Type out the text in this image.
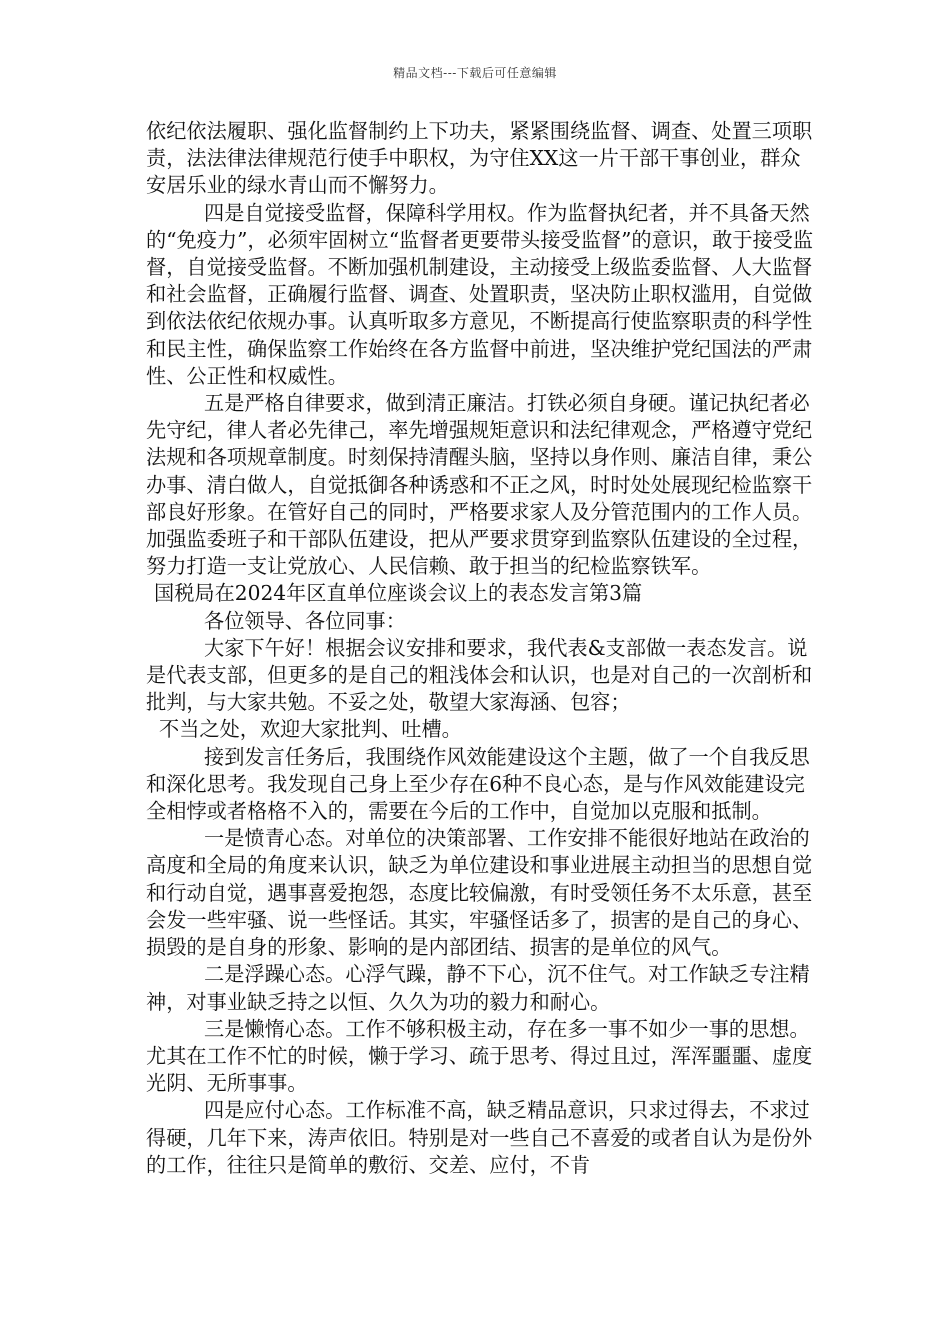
精品文档---下载后可任意编辑

依纪依法履职、强化监督制约上下功夫，紧紧围绕监督、调查、处置三项职责，法法律法律规范行使手中职权，为守住XX这一片干部干事创业，群众安居乐业的绿水青山而不懈努力。

四是自觉接受监督，保障科学用权。作为监督执纪者，并不具备天然的“免疫力”，必须牢固树立“监督者更要带头接受监督”的意识，敢于接受监督，自觉接受监督。不断加强机制建设，主动接受上级监委监督、人大监督和社会监督，正确履行监督、调查、处置职责，坚决防止职权滥用，自觉做到依法依纪依规办事。认真听取多方意见，不断提高行使监察职责的科学性和民主性，确保监察工作始终在各方监督中前进，坚决维护党纪国法的严肃性、公正性和权威性。

五是严格自律要求，做到清正廉洁。打铁必须自身硬。谨记执纪者必先守纪，律人者必先律己，率先增强规矩意识和法纪律观念，严格遵守党纪法规和各项规章制度。时刻保持清醒头脑，坚持以身作则、廉洁自律，秉公办事、清白做人，自觉抵御各种诱惑和不正之风，时时处处展现纪检监察干部良好形象。在管好自己的同时，严格要求家人及分管范围内的工作人员。加强监委班子和干部队伍建设，把从严要求贯穿到监察队伍建设的全过程，努力打造一支让党放心、人民信赖、敢于担当的纪检监察铁军。

国税局在2024年区直单位座谈会议上的表态发言第3篇

各位领导、各位同事：

大家下午好！根据会议安排和要求，我代表&支部做一表态发言。说是代表支部，但更多的是自己的粗浅体会和认识，也是对自己的一次剖析和批判，与大家共勉。不妥之处，敬望大家海涵、包容；

不当之处，欢迎大家批判、吐槽。

接到发言任务后，我围绕作风效能建设这个主题，做了一个自我反思和深化思考。我发现自己身上至少存在6种不良心态，是与作风效能建设完全相悖或者格格不入的，需要在今后的工作中，自觉加以克服和抵制。

一是愤青心态。对单位的决策部署、工作安排不能很好地站在政治的高度和全局的角度来认识，缺乏为单位建设和事业进展主动担当的思想自觉和行动自觉，遇事喜爱抱怨，态度比较偏激，有时受领任务不太乐意，甚至会发一些牢骚、说一些怪话。其实，牢骚怪话多了，损害的是自己的身心、损毁的是自身的形象、影响的是内部团结、损害的是单位的风气。

二是浮躁心态。心浮气躁，静不下心，沉不住气。对工作缺乏专注精神，对事业缺乏持之以恒、久久为功的毅力和耐心。

三是懒惰心态。工作不够积极主动，存在多一事不如少一事的思想。尤其在工作不忙的时候，懒于学习、疏于思考、得过且过，浑浑噩噩、虚度光阴、无所事事。

四是应付心态。工作标准不高，缺乏精品意识，只求过得去，不求过得硬，几年下来，涛声依旧。特别是对一些自己不喜爱的或者自认为是份外的工作，往往只是简单的敷衍、交差、应付，不肯
